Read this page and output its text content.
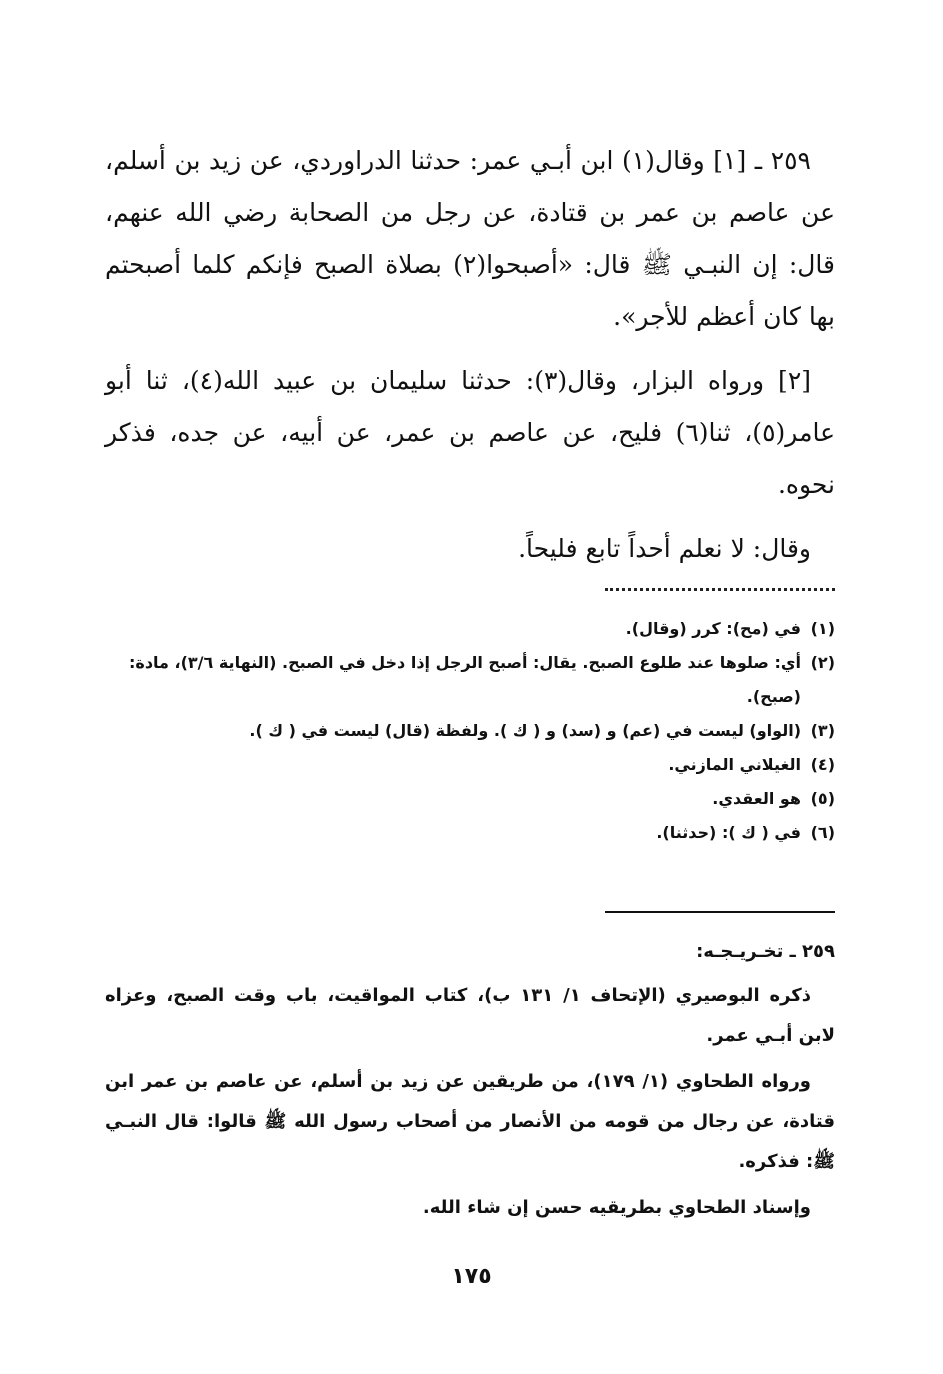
٢٥٩ ـ [١] وقال(١) ابن أبـي عمر: حدثنا الدراوردي، عن زيد بن أسلم، عن عاصم بن عمر بن قتادة، عن رجل من الصحابة رضي الله عنهم، قال: إن النبـي ﷺ قال: «أصبحوا(٢) بصلاة الصبح فإنكم كلما أصبحتم بها كان أعظم للأجر».

[٢] ورواه البزار، وقال(٣): حدثنا سليمان بن عبيد الله(٤)، ثنا أبو عامر(٥)، ثنا(٦) فليح، عن عاصم بن عمر، عن أبيه، عن جده، فذكر نحوه.

وقال: لا نعلم أحداً تابع فليحاً.

(١)
في (مح): كرر (وقال).
(٢)
أي: صلوها عند طلوع الصبح. يقال: أصبح الرجل إذا دخل في الصبح. (النهاية ٣/٦)، مادة: (صبح).
(٣)
(الواو) ليست في (عم) و (سد) و ( ك ). ولفظة (قال) ليست في ( ك ).
(٤)
الغيلاني المازني.
(٥)
هو العقدي.
(٦)
في ( ك ): (حدثنا).
٢٥٩ ـ تخـريـجـه:

ذكره البوصيري (الإتحاف ١/ ١٣١ ب)، كتاب المواقيت، باب وقت الصبح، وعزاه لابن أبـي عمر.

ورواه الطحاوي (١/ ١٧٩)، من طريقين عن زيد بن أسلم، عن عاصم بن عمر ابن قتادة، عن رجال من قومه من الأنصار من أصحاب رسول الله ﷺ قالوا: قال النبـي ﷺ: فذكره.

وإسناد الطحاوي بطريقيه حسن إن شاء الله.

١٧٥
